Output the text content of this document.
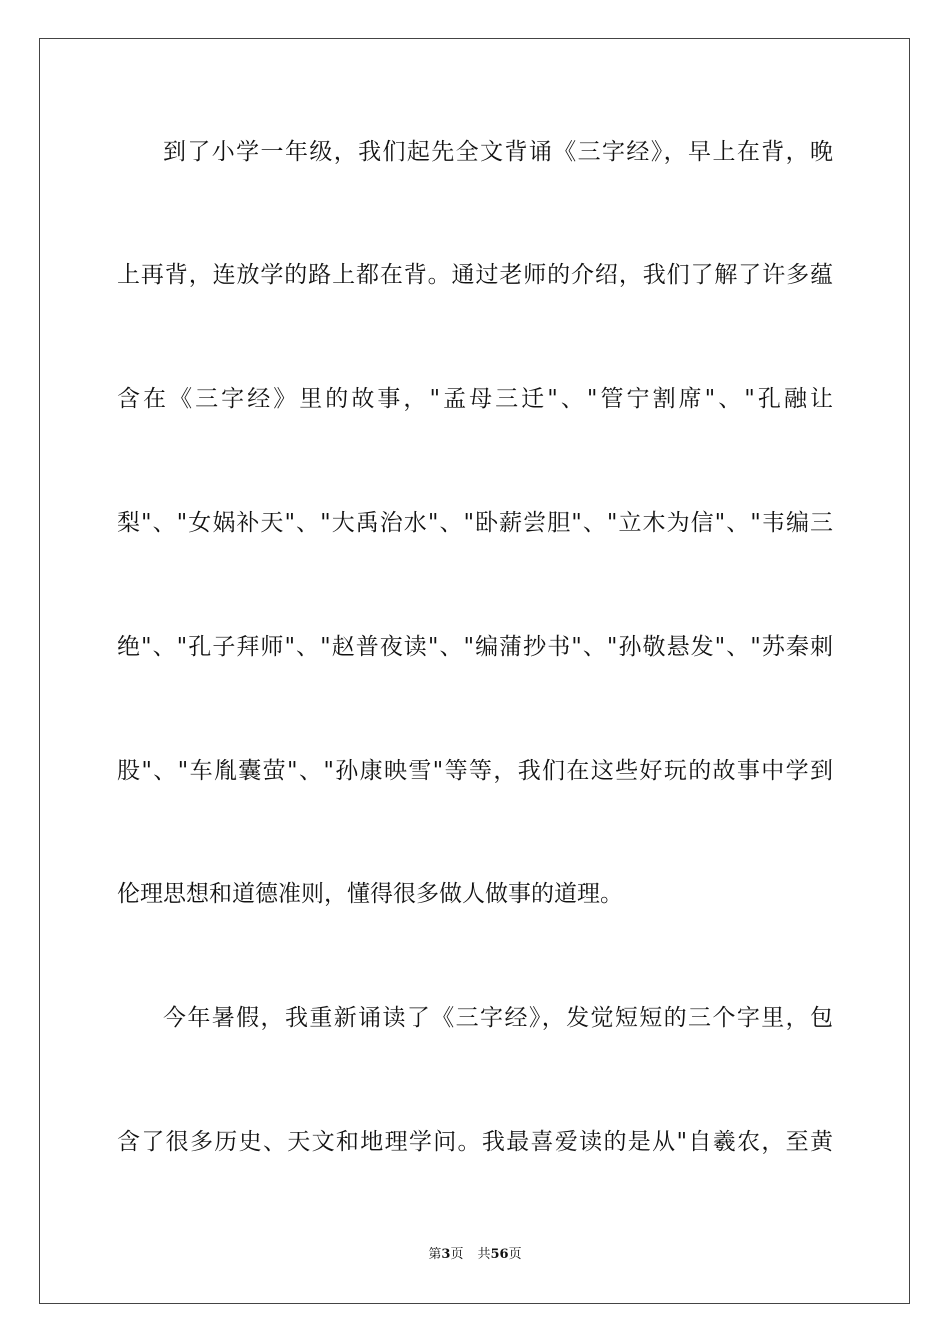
到了小学一年级，我们起先全文背诵《三字经》，早上在背，晚
上再背，连放学的路上都在背。通过老师的介绍，我们了解了许多蕴
含在《三字经》里的故事，"孟母三迁"、"管宁割席"、"孔融让
梨"、"女娲补天"、"大禹治水"、"卧薪尝胆"、"立木为信"、"韦编三
绝"、"孔子拜师"、"赵普夜读"、"编蒲抄书"、"孙敬悬发"、"苏秦刺
股"、"车胤囊萤"、"孙康映雪"等等，我们在这些好玩的故事中学到
伦理思想和道德准则，懂得很多做人做事的道理。
今年暑假，我重新诵读了《三字经》，发觉短短的三个字里，包
含了很多历史、天文和地理学问。我最喜爱读的是从"自羲农，至黄
第3页 共56页
